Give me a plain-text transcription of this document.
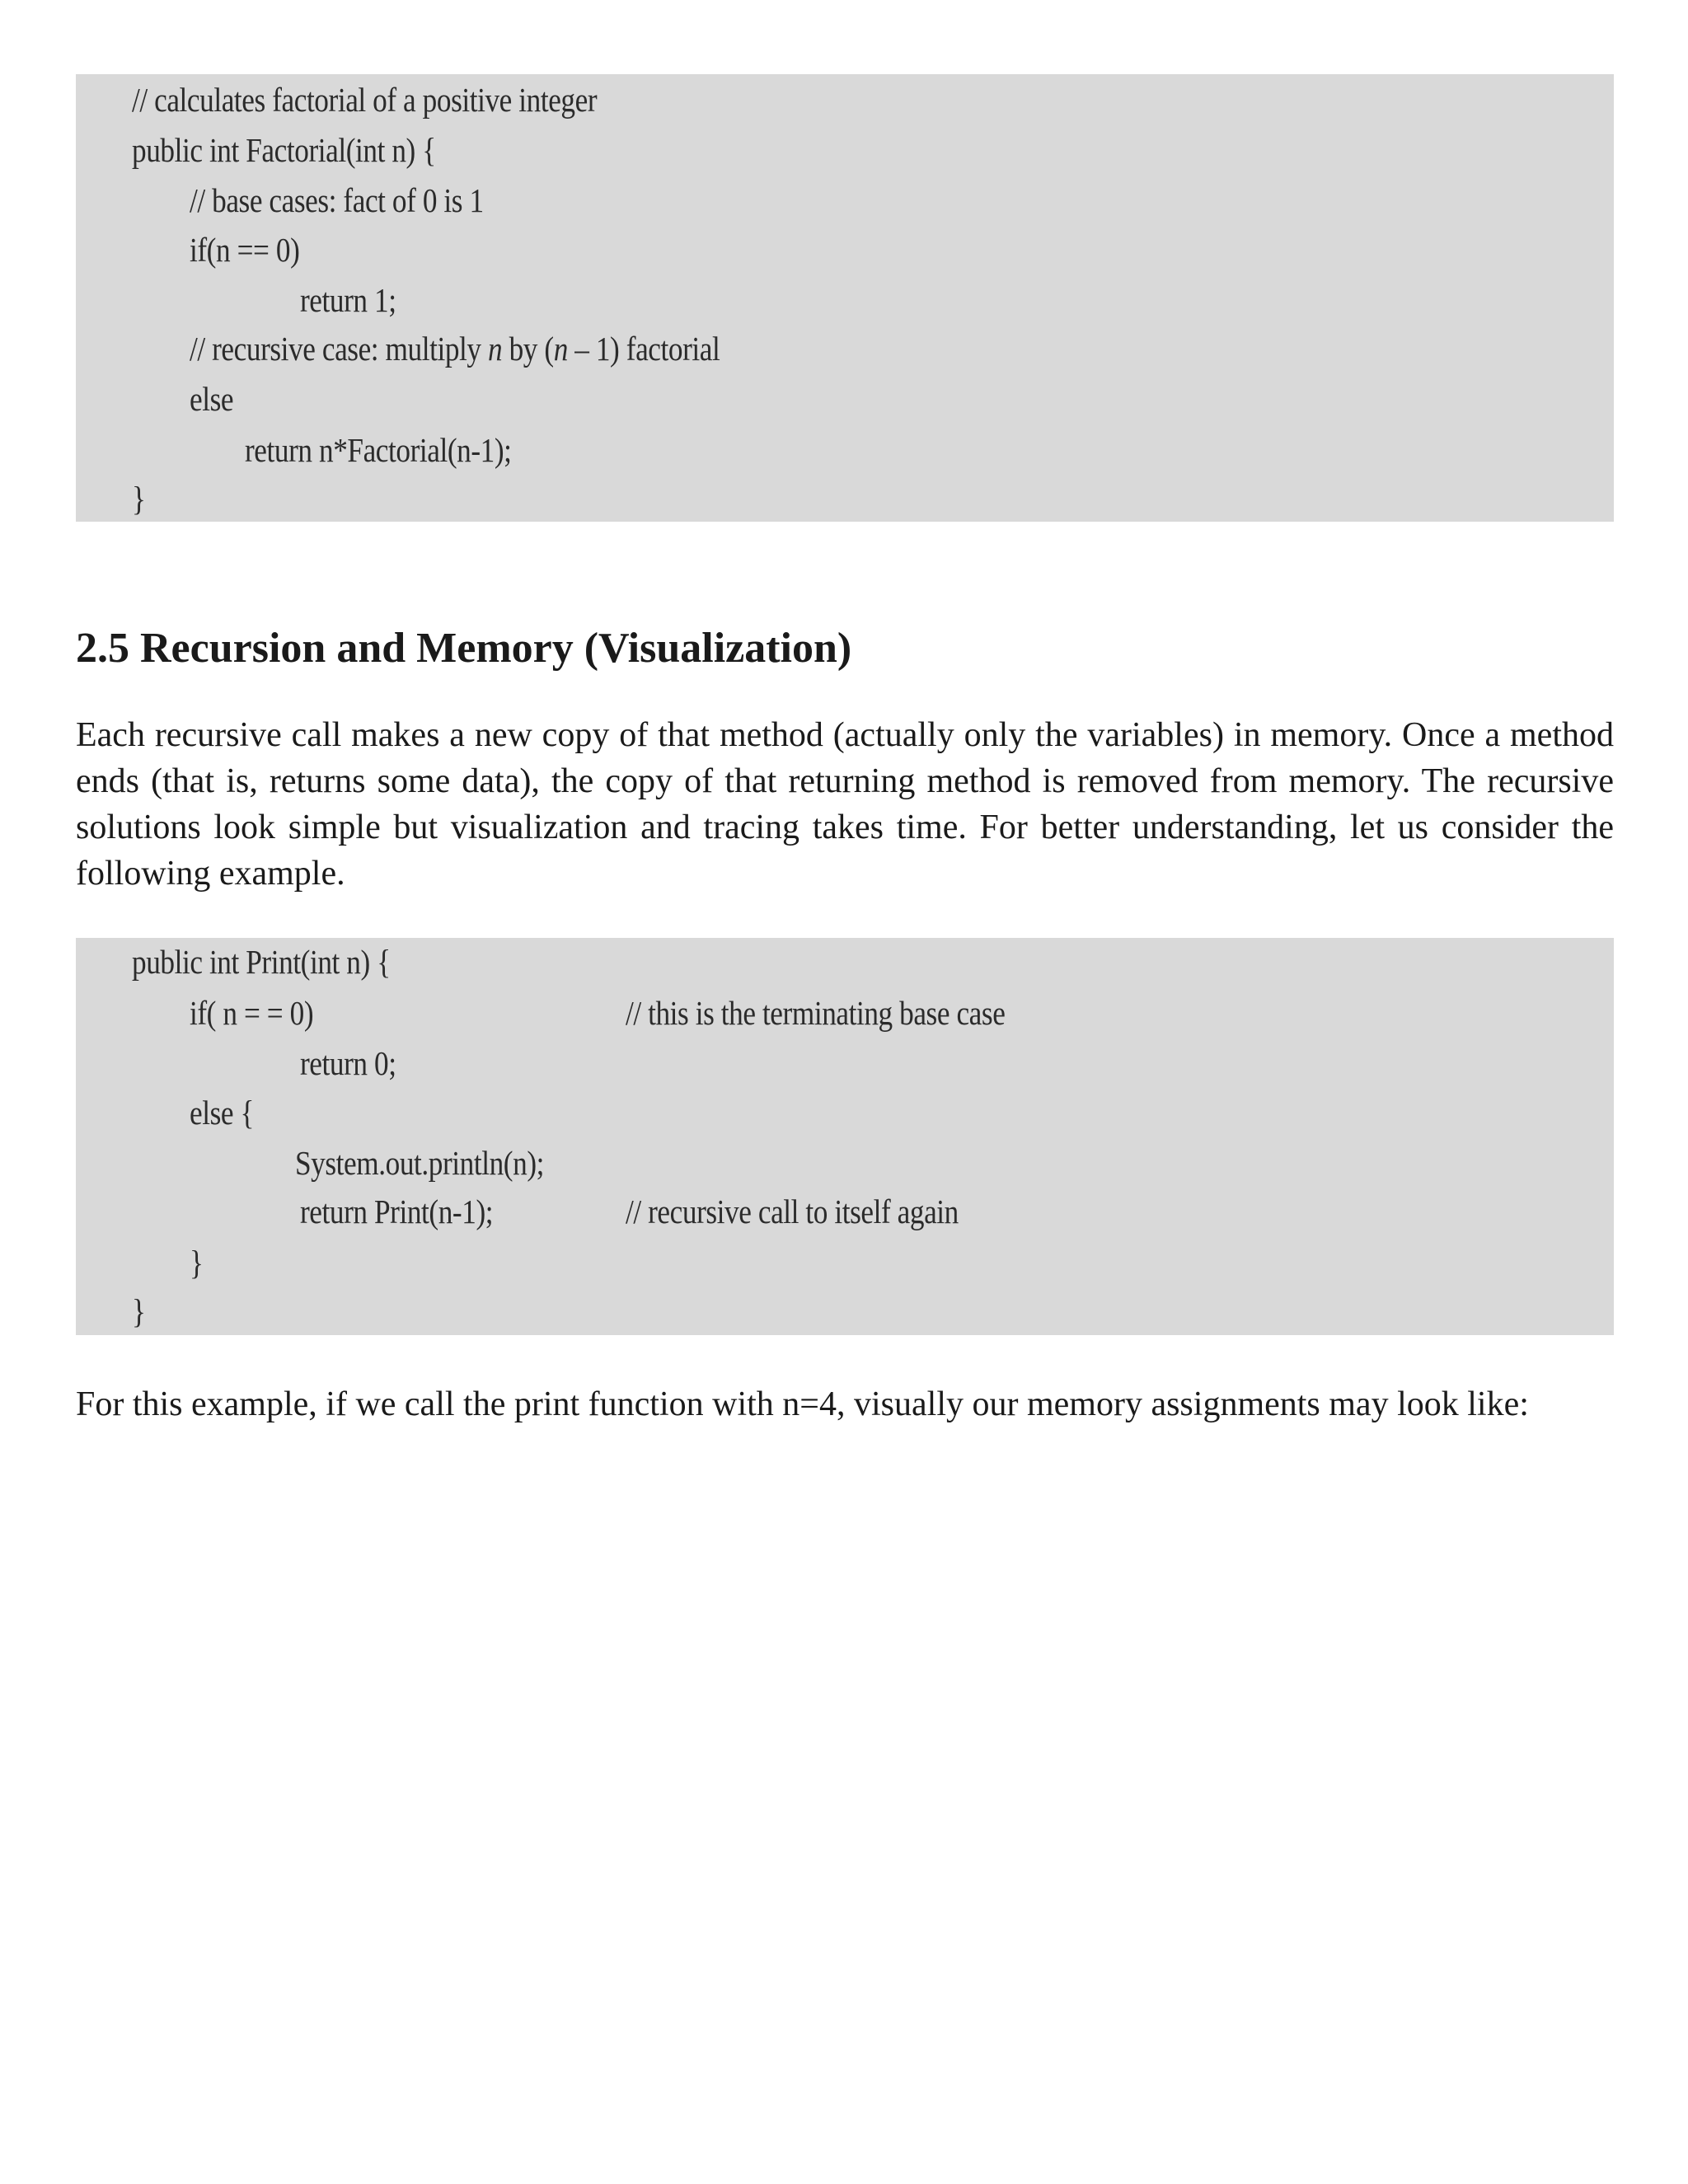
// calculates factorial of a positive integer
public int Factorial(int n) {
// base cases: fact of 0 is 1
if(n == 0)
return 1;
// recursive case: multiply n by (n – 1) factorial
else
return n*Factorial(n-1);
}
2.5 Recursion and Memory (Visualization)

Each recursive call makes a new copy of that method (actually only the variables) in memory. Once a method ends (that is, returns some data), the copy of that returning method is removed from memory. The recursive solutions look simple but visualization and tracing takes time. For better understanding, let us consider the following example.

public int Print(int n) {
if( n = = 0)	// this is the terminating base case
return 0;
else {
System.out.println(n);
return Print(n-1);	// recursive call to itself again
}
}

For this example, if we call the print function with n=4, visually our memory assignments may look like:
